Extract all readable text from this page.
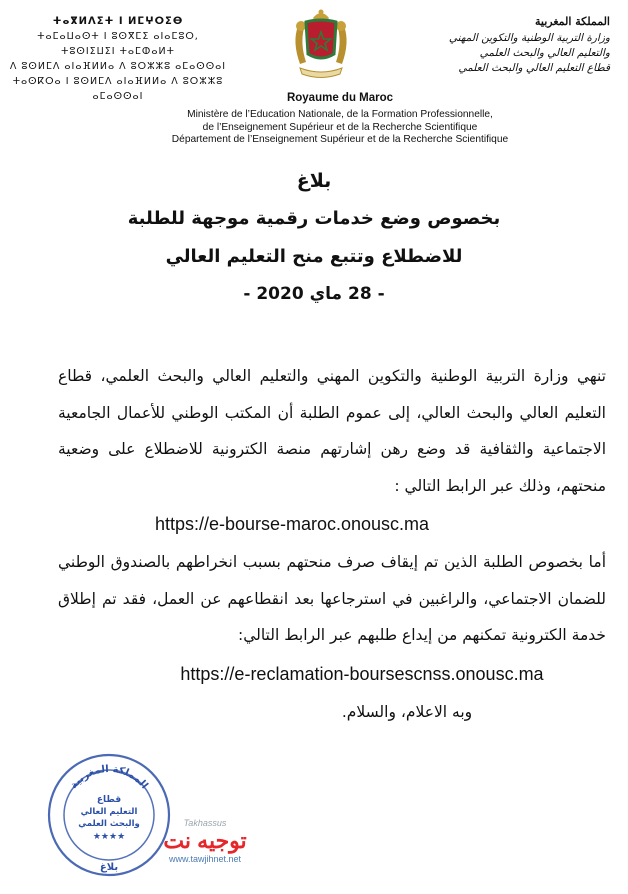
المملكة المغربية
وزارة التربية الوطنية والتكوين المهني
والتعليم العالي والبحث العلمي
قطاع التعليم العالي والبحث العلمي
ⵜⴰⴳⵍⴷⵉⵜ ⵏ ⵍⵎⵖⵔⵉⴱ
ⵜⴰⵎⴰⵡⴰⵙⵜ ⵏ ⵓⵙⴳⵎⵉ ⴰⵏⴰⵎⵓⵔ, ⵜⵓⵙⵏⵉⵡⵉⵏ ⵜⴰⵎⵀⴰⵍⵜ
ⴷ ⵓⵙⵍⵎⴷ ⴰⵏⴰⴼⵍⵍⴰ ⴷ ⵓⵔⵣⵣⵓ ⴰⵎⴰⵙⵙⴰⵏ
ⵜⴰⵙⴽⵔⴰ ⵏ ⵓⵙⵍⵎⴷ ⴰⵏⴰⴼⵍⵍⴰ ⴷ ⵓⵔⵣⵣⵓ ⴰⵎⴰⵙⵙⴰⵏ	Royaume du Maroc
Ministère de l’Education Nationale, de la Formation Professionnelle,
de l’Enseignement Supérieur et de la Recherche Scientifique
Département de l’Enseignement Supérieur et de la Recherche Scientifique
بلاغ
بخصوص وضع خدمات رقمية موجهة للطلبة
للاضطلاع وتتبع منح التعليم العالي
- 28 ماي 2020 -
تنهي وزارة التربية الوطنية والتكوين المهني والتعليم العالي والبحث العلمي، قطاع التعليم العالي والبحث العالي، إلى عموم الطلبة أن المكتب الوطني للأعمال الجامعية الاجتماعية والثقافية قد وضع رهن إشارتهم منصة الكترونية للاضطلاع على وضعية منحتهم، وذلك عبر الرابط التالي :
https://e-bourse-maroc.onousc.ma
أما بخصوص الطلبة الذين تم إيقاف صرف منحتهم بسبب انخراطهم بالصندوق الوطني للضمان الاجتماعي، والراغبين في استرجاعها بعد انقطاعهم عن العمل، فقد تم إطلاق خدمة الكترونية تمكنهم من إيداع طلبهم عبر الرابط التالي:
https://e-reclamation-boursescnss.onousc.ma
وبه الاعلام، والسلام.
المملكة المغربية
قطاع
التعليم العالي
والبحث العلمي
★★★★
بلاغ
Takhassus
توجيه نت
www.tawjihnet.net
